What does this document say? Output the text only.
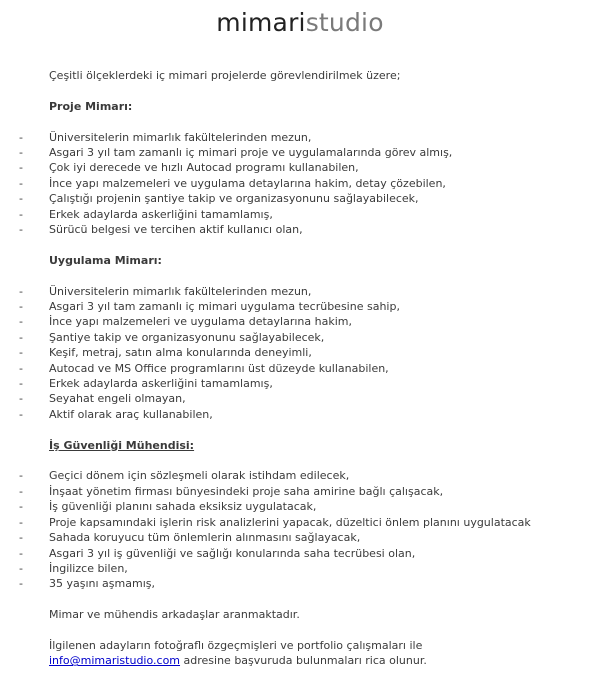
mimaristudio

Çeşitli ölçeklerdeki iç mimari projelerde görevlendirilmek üzere;

Proje Mimarı:

- Üniversitelerin mimarlık fakültelerinden mezun,
- Asgari 3 yıl tam zamanlı iç mimari proje ve uygulamalarında görev almış,
- Çok iyi derecede ve hızlı Autocad programı kullanabilen,
- İnce yapı malzemeleri ve uygulama detaylarına hakim, detay çözebilen,
- Çalıştığı projenin şantiye takip ve organizasyonunu sağlayabilecek,
- Erkek adaylarda askerliğini tamamlamış,
- Sürücü belgesi ve tercihen aktif kullanıcı olan,

Uygulama Mimarı:

- Üniversitelerin mimarlık fakültelerinden mezun,
- Asgari 3 yıl tam zamanlı iç mimari uygulama tecrübesine sahip,
- İnce yapı malzemeleri ve uygulama detaylarına hakim,
- Şantiye takip ve organizasyonunu sağlayabilecek,
- Keşif, metraj, satın alma konularında deneyimli,
- Autocad ve MS Office programlarını üst düzeyde kullanabilen,
- Erkek adaylarda askerliğini tamamlamış,
- Seyahat engeli olmayan,
- Aktif olarak araç kullanabilen,

İş Güvenliği Mühendisi:

- Geçici dönem için sözleşmeli olarak istihdam edilecek,
- İnşaat yönetim firması bünyesindeki proje saha amirine bağlı çalışacak,
- İş güvenliği planını sahada eksiksiz uygulatacak,
- Proje kapsamındaki işlerin risk analizlerini yapacak, düzeltici önlem planını uygulatacak
- Sahada koruyucu tüm önlemlerin alınmasını sağlayacak,
- Asgari 3 yıl iş güvenliği ve sağlığı konularında saha tecrübesi olan,
- İngilizce bilen,
- 35 yaşını aşmamış,

Mimar ve mühendis arkadaşlar aranmaktadır.

İlgilenen adayların fotoğraflı özgeçmişleri ve portfolio çalışmaları ile

info@mimaristudio.com adresine başvuruda bulunmaları rica olunur.
